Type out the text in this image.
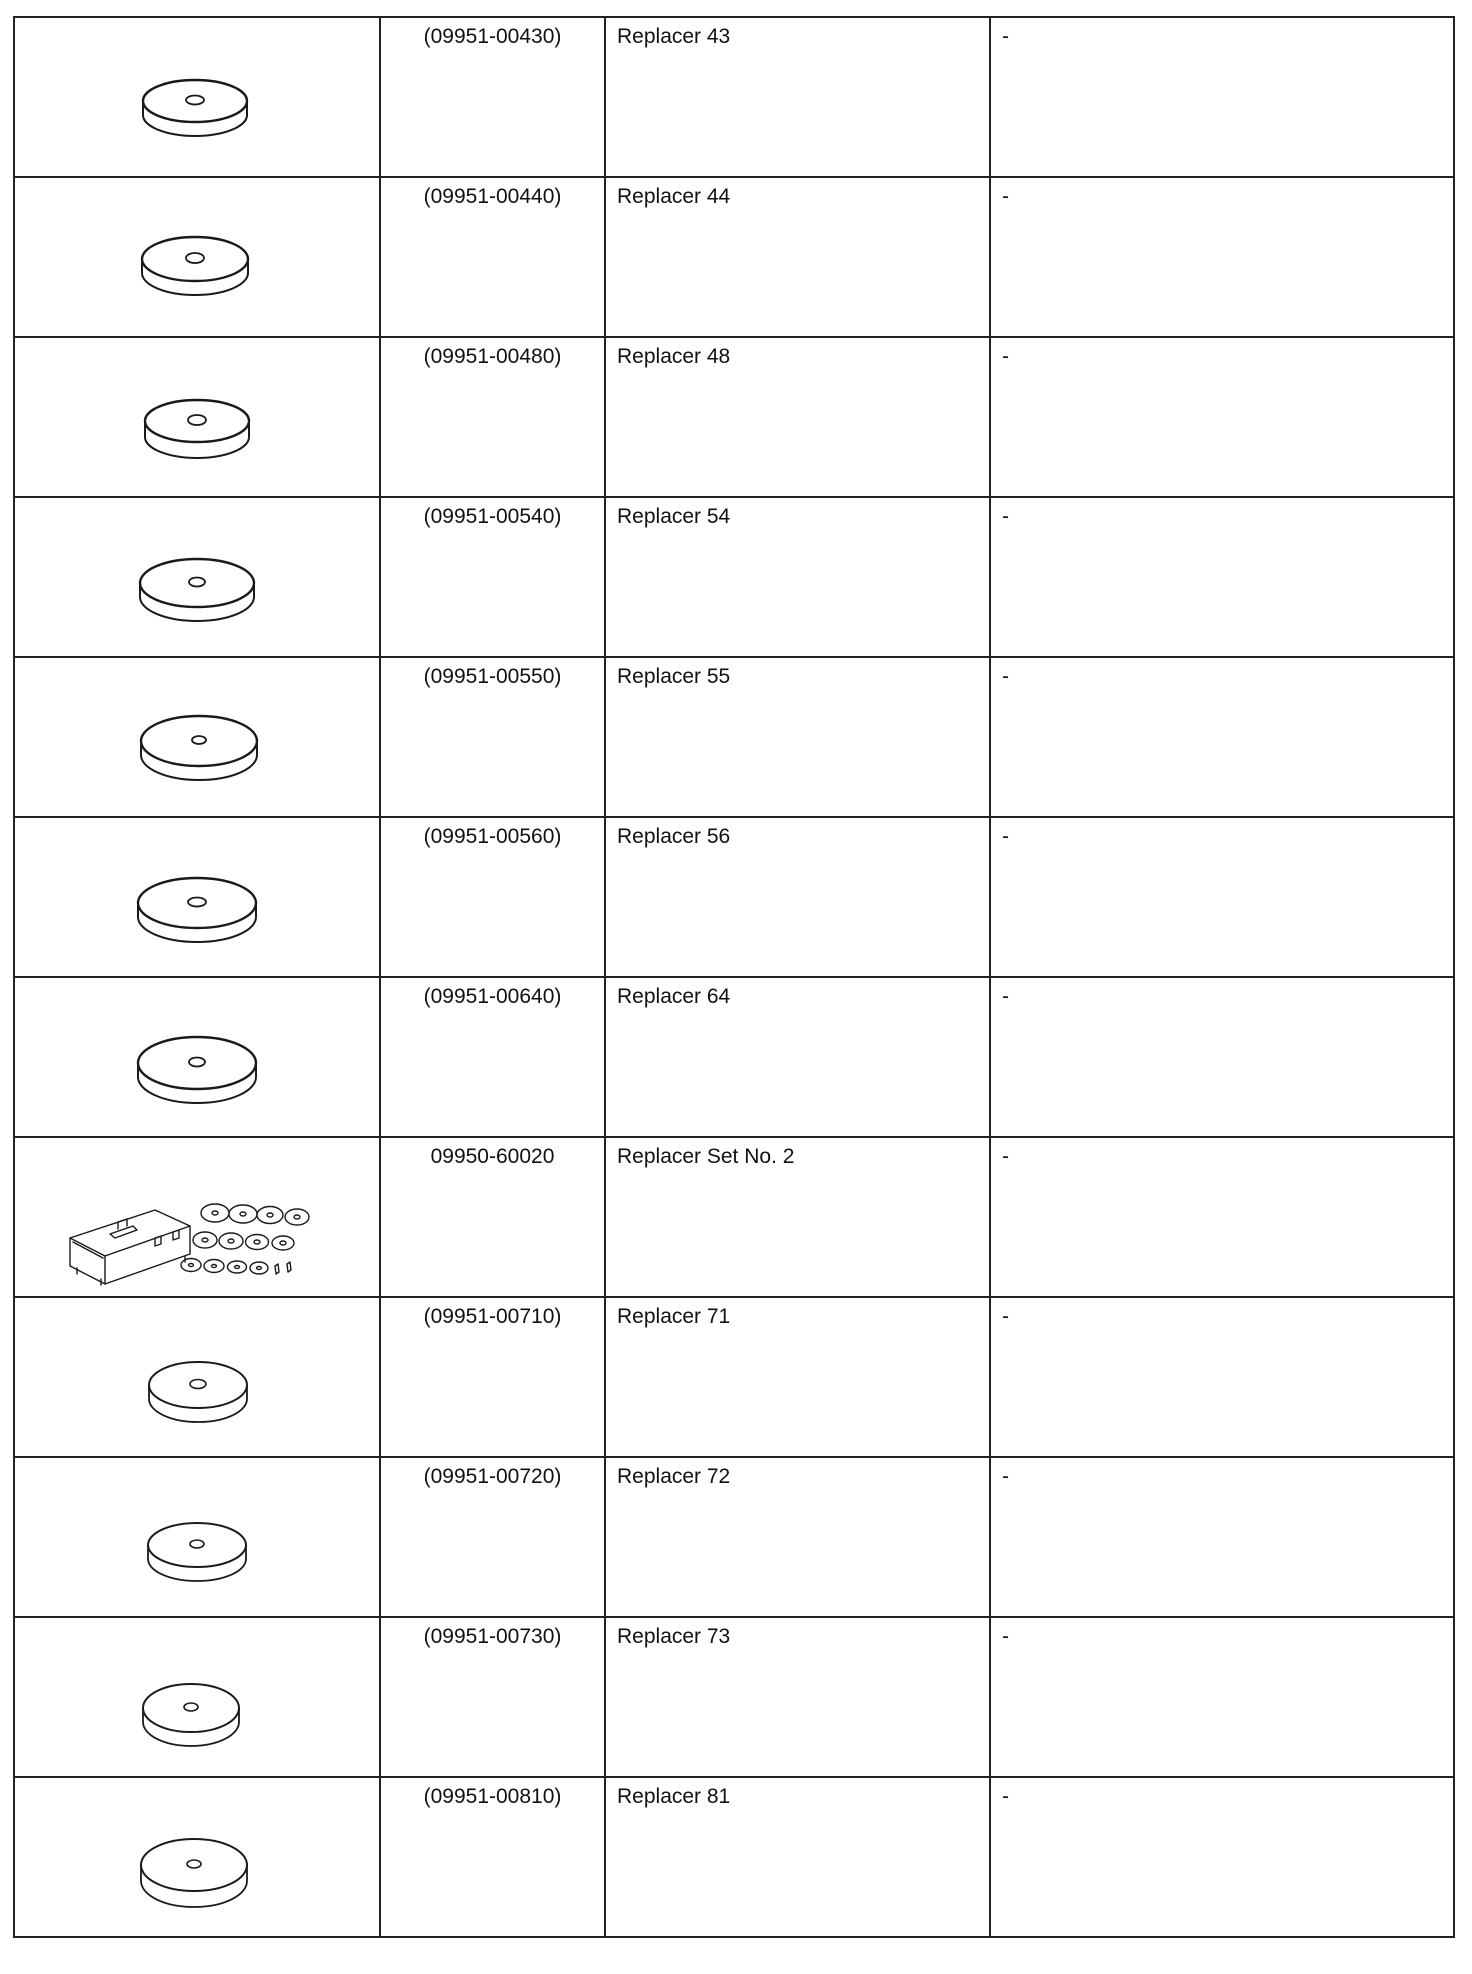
(09951-00430)	Replacer 43	-

(09951-00440)	Replacer 44	-

(09951-00480)	Replacer 48	-

(09951-00540)	Replacer 54	-

(09951-00550)	Replacer 55	-

(09951-00560)	Replacer 56	-

(09951-00640)	Replacer 64	-

09950-60020	Replacer Set No. 2	-

(09951-00710)	Replacer 71	-

(09951-00720)	Replacer 72	-

(09951-00730)	Replacer 73	-

(09951-00810)	Replacer 81	-
